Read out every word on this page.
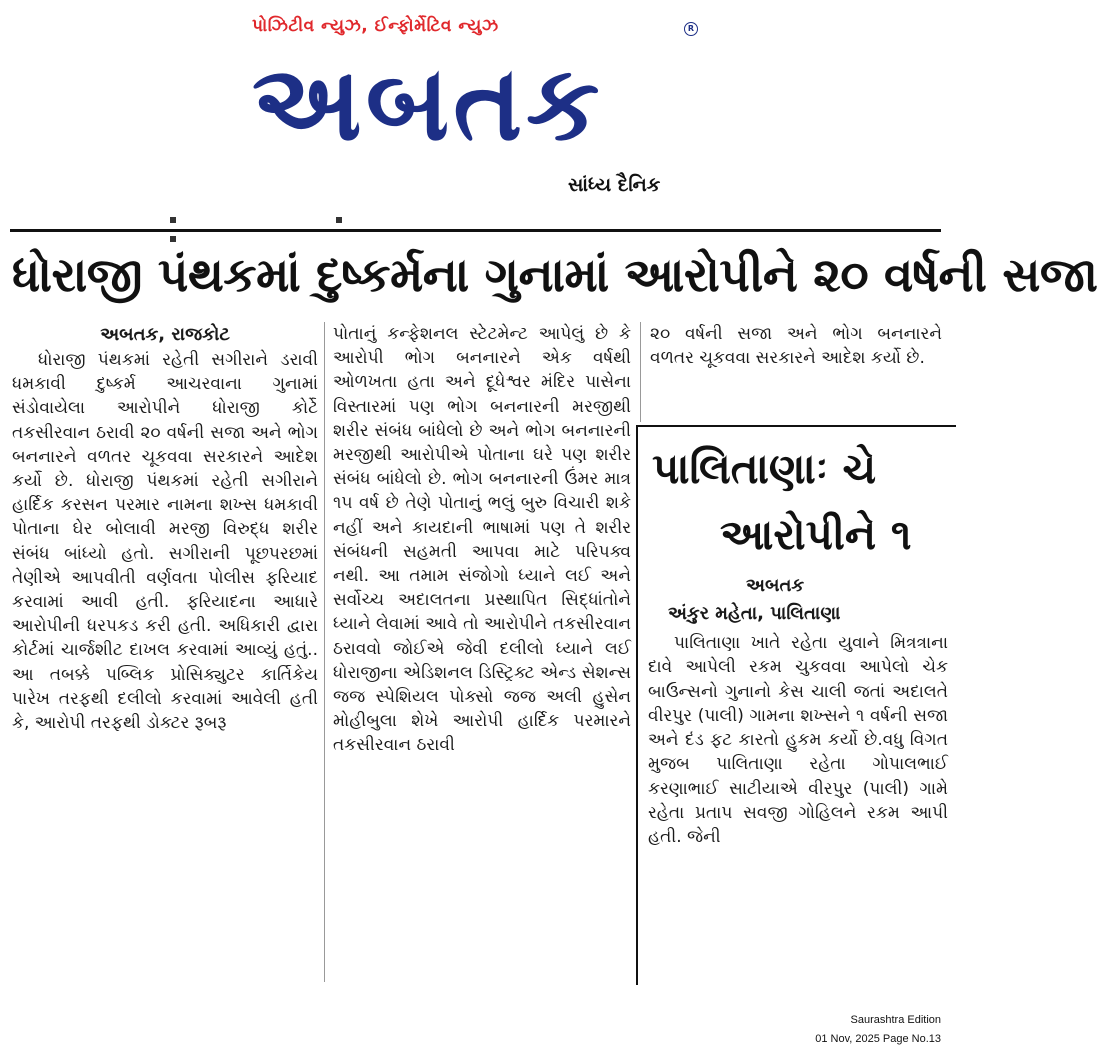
પોઝિટીવ ન્યુઝ, ઈન્ફોર્મેટિવ ન્યુઝ	R
અબતક
સાંધ્ય દૈનિક
ધોરાજી પંથકમાં દુષ્કર્મના ગુનામાં આરોપીને ૨૦ વર્ષની સજા
અબતક, રાજકોટ
ધોરાજી પંથકમાં રહેતી સગીરાને ડરાવી ધમકાવી દુષ્કર્મ આચરવાના ગુનામાં સંડોવાયેલા આરોપીને ધોરાજી કોર્ટે તકસીરવાન ઠરાવી ૨૦ વર્ષની સજા અને ભોગ બનનારને વળતર ચૂકવવા સરકારને આદેશ કર્યો છે. ધોરાજી પંથકમાં રહેતી સગીરાને હાર્દિક કરસન પરમાર નામના શખ્સ ધમકાવી પોતાના ઘેર બોલાવી મરજી વિરુદ્ધ શરીર સંબંધ બાંધ્યો હતો. સગીરાની પૂછપરછમાં તેણીએ આપવીતી વર્ણવતા પોલીસ ફરિયાદ કરવામાં આવી હતી. ફરિયાદના આધારે આરોપીની ધરપકડ કરી હતી. અધિકારી દ્વારા કોર્ટમાં ચાર્જશીટ દાખલ કરવામાં આવ્યું હતું.. આ તબક્કે પબ્લિક પ્રોસિક્યુટર કાર્તિકેય પારેખ તરફથી દલીલો કરવામાં આવેલી હતી કે, આરોપી તરફથી ડોક્ટર રૂબરૂ
પોતાનું કન્ફેશનલ સ્ટેટમેન્ટ આપેલું છે કે આરોપી ભોગ બનનારને એક વર્ષથી ઓળખતા હતા અને દૂધેશ્વર મંદિર પાસેના વિસ્તારમાં પણ ભોગ બનનારની મરજીથી શરીર સંબંધ બાંધેલો છે અને ભોગ બનનારની મરજીથી આરોપીએ પોતાના ઘરે પણ શરીર સંબંધ બાંધેલો છે. ભોગ બનનારની ઉંમર માત્ર ૧૫ વર્ષ છે તેણે પોતાનું ભલું બુરુ વિચારી શકે નહીં અને કાયદાની ભાષામાં પણ તે શરીર સંબંધની સહમતી આપવા માટે પરિપક્વ નથી. આ તમામ સંજોગો ધ્યાને લઈ અને સર્વોચ્ચ અદાલતના પ્રસ્થાપિત સિદ્ધાંતોને ધ્યાને લેવામાં આવે તો આરોપીને તકસીરવાન ઠરાવવો જોઈએ જેવી દલીલો ધ્યાને લઈ ધોરાજીના એડિશનલ ડિસ્ટ્રિક્ટ એન્ડ સેશન્સ જજ સ્પેશિયલ પોક્સો જજ અલી હુસેન મોહીબુલા શેખે આરોપી હાર્દિક પરમારને તકસીરવાન ઠરાવી
૨૦ વર્ષની સજા અને ભોગ બનનારને વળતર ચૂકવવા સરકારને આદેશ કર્યો છે.
પાલિતાણાઃ ચે
આરોપીને ૧
અબતક
અંકુર મહેતા, પાલિતાણા
પાલિતાણા ખાતે રહેતા યુવાને મિત્રત્રાના દાવે આપેલી રકમ ચુકવવા આપેલો ચેક બાઉન્સનો ગુનાનો કેસ ચાલી જતાં અદાલતે વીરપુર (પાલી) ગામના શખ્સને ૧ વર્ષની સજા અને દંડ ફટ કારતો હુકમ કર્યો છે.વધુ વિગત મુજબ પાલિતાણા રહેતા ગોપાલભાઈ કરણાભાઈ સાટીયાએ વીરપુર (પાલી) ગામે રહેતા પ્રતાપ સવજી ગોહિલને રકમ આપી હતી. જેની
Saurashtra Edition
01 Nov, 2025 Page No.13
